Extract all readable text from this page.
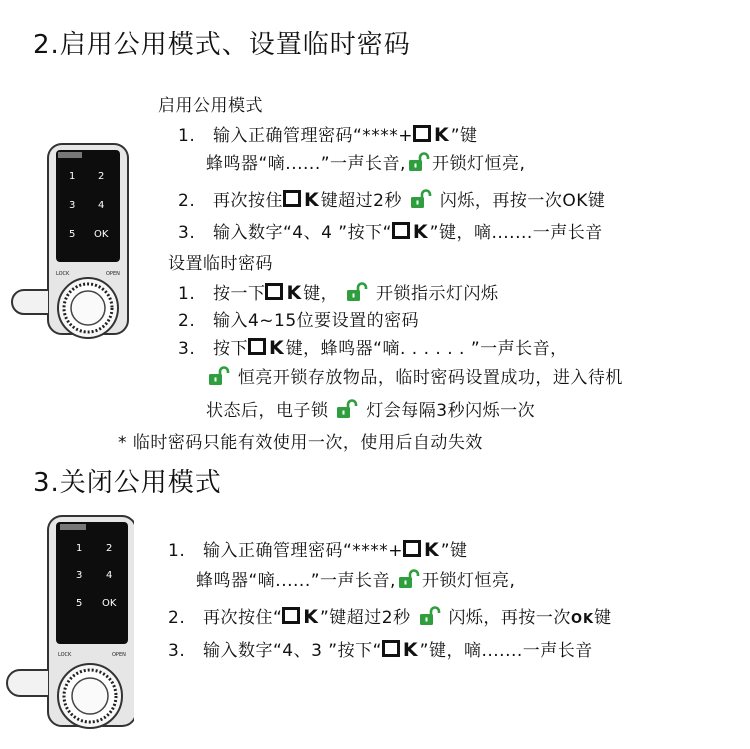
2.启用公用模式、设置临时密码
启用公用模式
1. 输入正确管理密码“****+ K”键
蜂鸣器“嘀......”一声长音, 开锁灯恒亮,
2. 再次按住 K键超过2秒 闪烁，再按一次OK键
3. 输入数字“4、4 ”按下“ K”键，嘀.......一声长音
设置临时密码
1. 按一下 K键， 开锁指示灯闪烁
2. 输入4~15位要设置的密码
3. 按下 K键，蜂鸣器“嘀. . . . . . ”一声长音，
恒亮开锁存放物品，临时密码设置成功，进入待机
状态后，电子锁 灯会每隔3秒闪烁一次
* 临时密码只能有效使用一次，使用后自动失效
1 2
3 4
5 OK
LOCK	OPEN
3.关闭公用模式
1. 输入正确管理密码“****+ K”键
蜂鸣器“嘀......”一声长音, 开锁灯恒亮,
2. 再次按住“ K”键超过2秒 闪烁，再按一次OK键
3. 输入数字“4、3 ”按下“ K”键，嘀.......一声长音
1 2
3 4
5 OK
LOCK	OPEN
